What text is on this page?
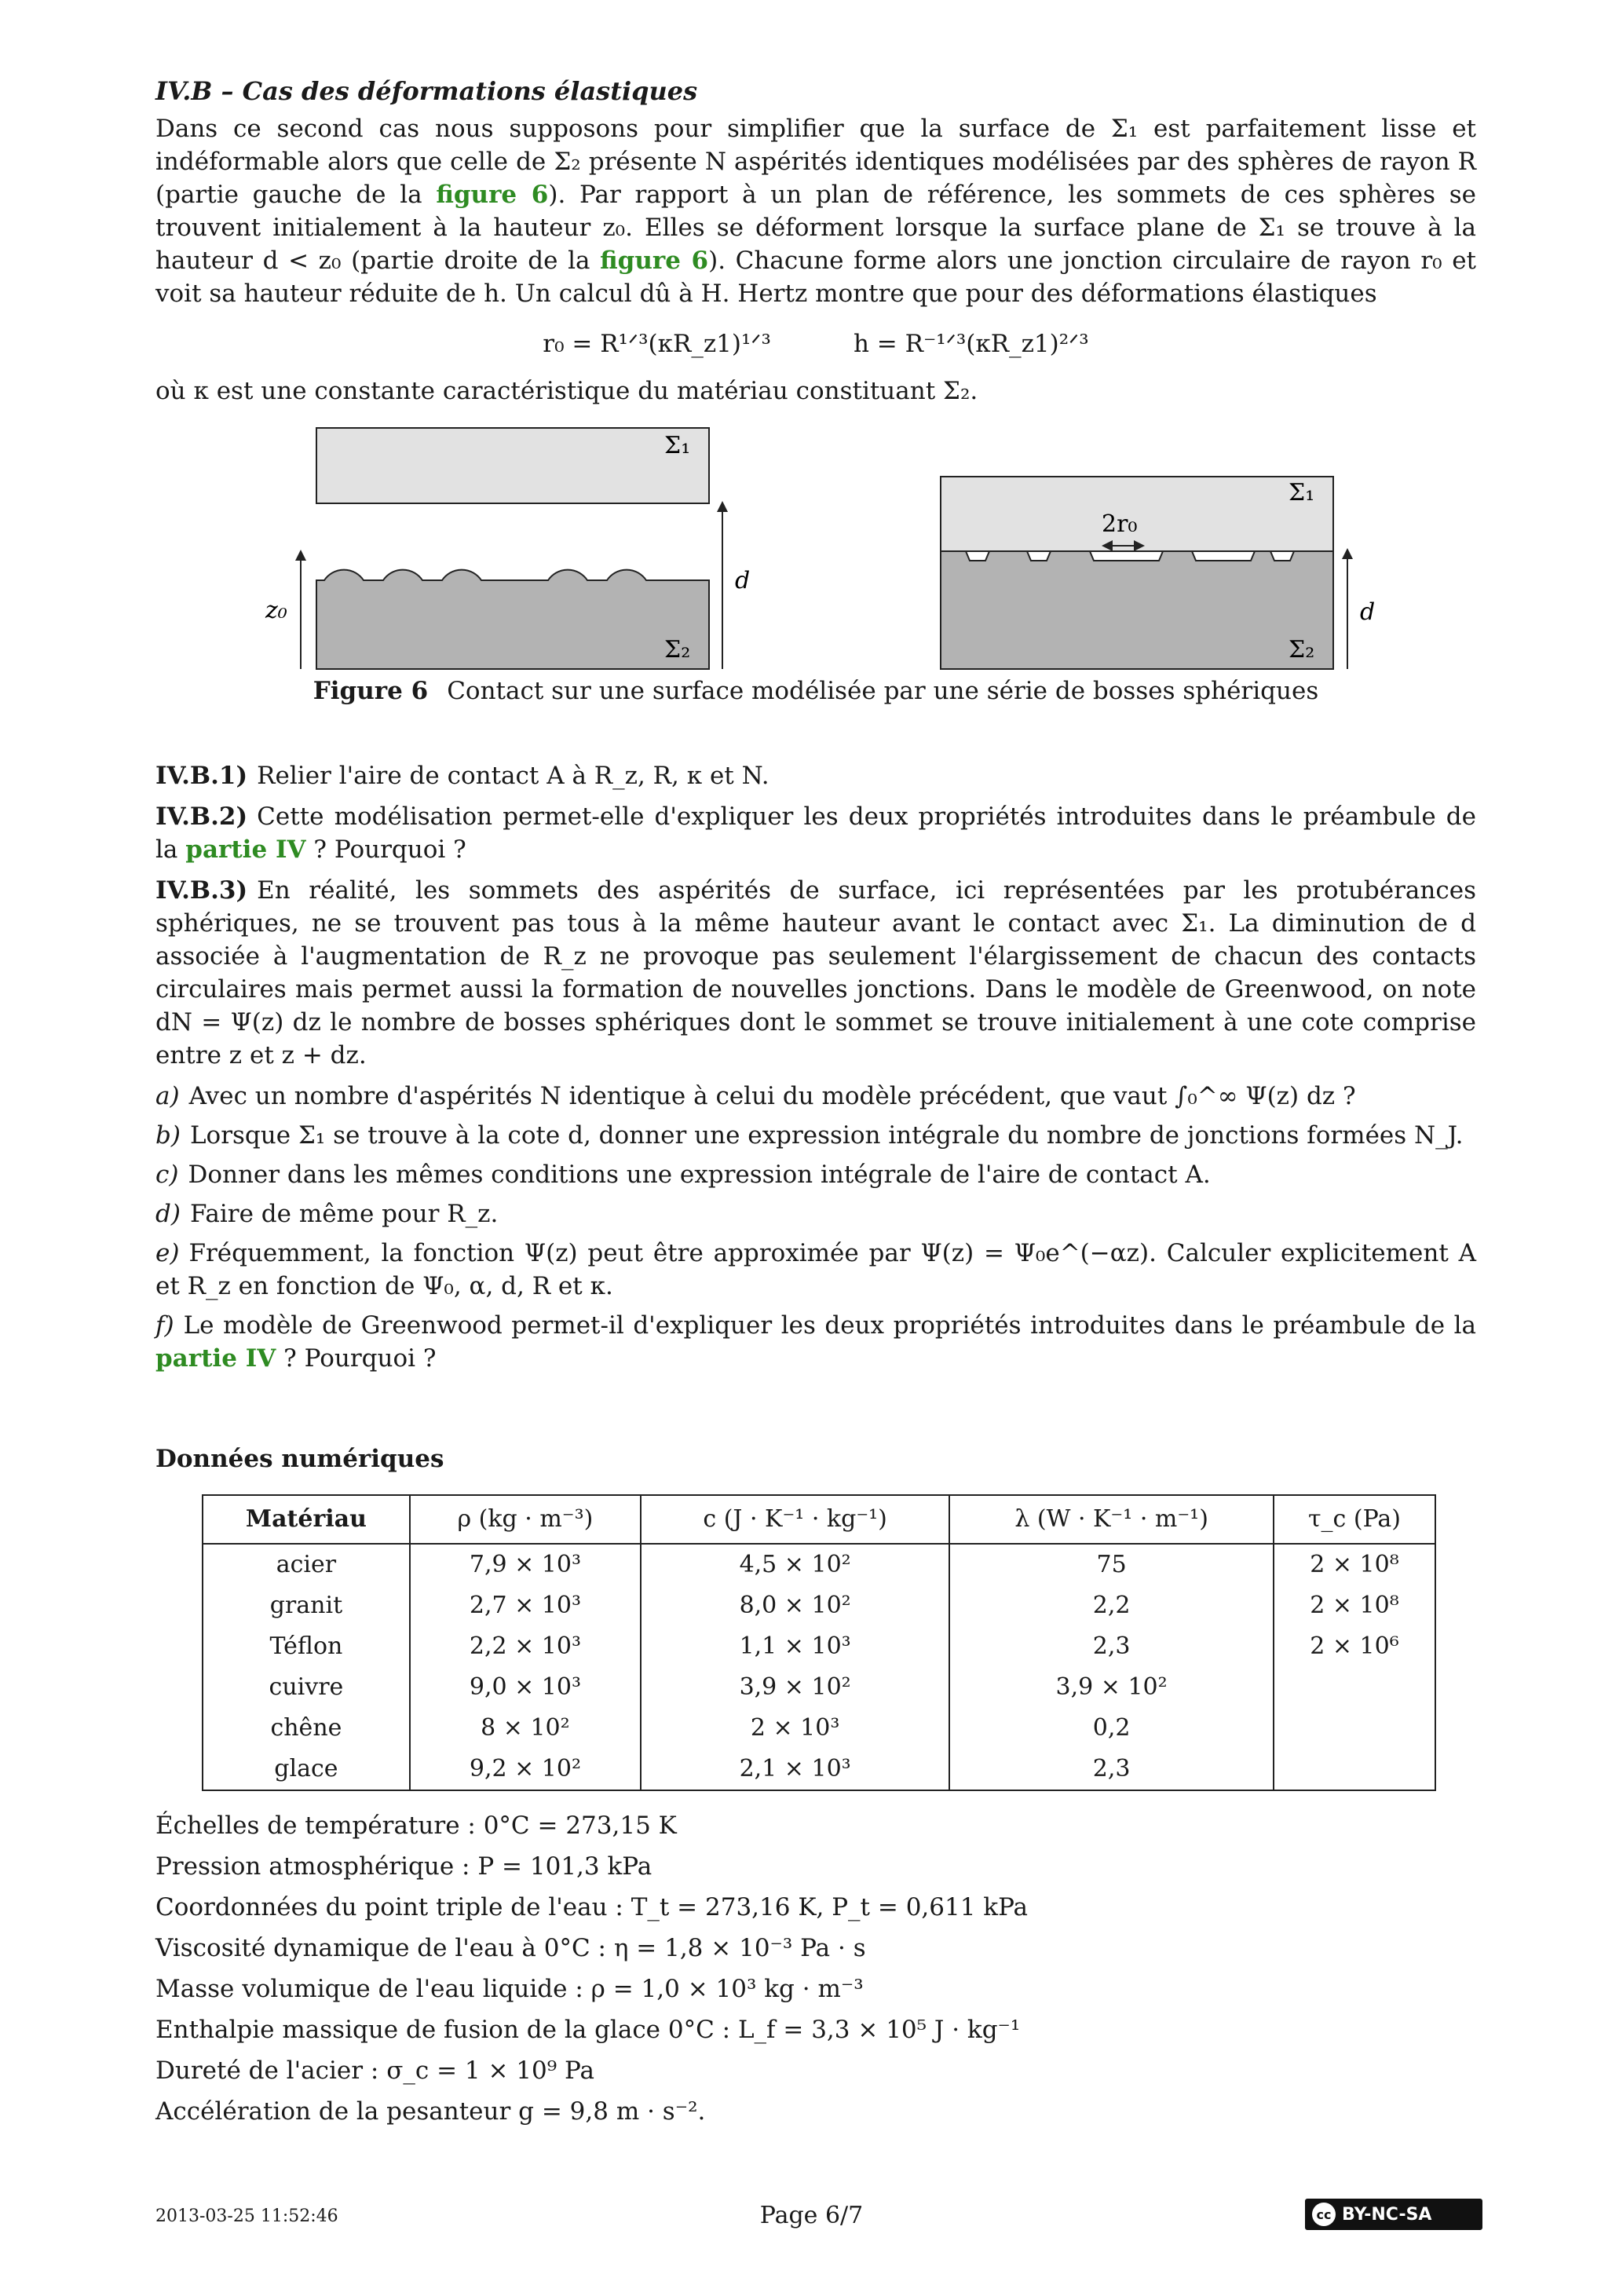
IV.B – Cas des déformations élastiques

Dans ce second cas nous supposons pour simplifier que la surface de Σ₁ est parfaitement lisse et indéformable alors que celle de Σ₂ présente N aspérités identiques modélisées par des sphères de rayon R (partie gauche de la figure 6). Par rapport à un plan de référence, les sommets de ces sphères se trouvent initialement à la hauteur z₀. Elles se déforment lorsque la surface plane de Σ₁ se trouve à la hauteur d < z₀ (partie droite de la figure 6). Chacune forme alors une jonction circulaire de rayon r₀ et voit sa hauteur réduite de h. Un calcul dû à H. Hertz montre que pour des déformations élastiques

r₀ = R¹ᐟ³(κR_z1)¹ᐟ³	h = R⁻¹ᐟ³(κR_z1)²ᐟ³

où κ est une constante caractéristique du matériau constituant Σ₂.

Σ₁
Σ₂
z₀
d
Σ₁
2r₀
Σ₂
d
Figure 6 Contact sur une surface modélisée par une série de bosses sphériques

IV.B.1) Relier l'aire de contact A à R_z, R, κ et N.

IV.B.2) Cette modélisation permet-elle d'expliquer les deux propriétés introduites dans le préambule de la partie IV ? Pourquoi ?

IV.B.3) En réalité, les sommets des aspérités de surface, ici représentées par les protubérances sphériques, ne se trouvent pas tous à la même hauteur avant le contact avec Σ₁. La diminution de d associée à l'augmentation de R_z ne provoque pas seulement l'élargissement de chacun des contacts circulaires mais permet aussi la formation de nouvelles jonctions. Dans le modèle de Greenwood, on note dN = Ψ(z) dz le nombre de bosses sphériques dont le sommet se trouve initialement à une cote comprise entre z et z + dz.

a) Avec un nombre d'aspérités N identique à celui du modèle précédent, que vaut ∫₀^∞ Ψ(z) dz ?

b) Lorsque Σ₁ se trouve à la cote d, donner une expression intégrale du nombre de jonctions formées N_J.

c) Donner dans les mêmes conditions une expression intégrale de l'aire de contact A.

d) Faire de même pour R_z.

e) Fréquemment, la fonction Ψ(z) peut être approximée par Ψ(z) = Ψ₀e^(−αz). Calculer explicitement A et R_z en fonction de Ψ₀, α, d, R et κ.

f) Le modèle de Greenwood permet-il d'expliquer les deux propriétés introduites dans le préambule de la partie IV ? Pourquoi ?

Données numériques
Matériau	ρ (kg · m⁻³)	c (J · K⁻¹ · kg⁻¹)	λ (W · K⁻¹ · m⁻¹)	τ_c (Pa)
acier	7,9 × 10³	4,5 × 10²	75	2 × 10⁸
granit	2,7 × 10³	8,0 × 10²	2,2	2 × 10⁸
Téflon	2,2 × 10³	1,1 × 10³	2,3	2 × 10⁶
cuivre	9,0 × 10³	3,9 × 10²	3,9 × 10²	
chêne	8 × 10²	2 × 10³	0,2	
glace	9,2 × 10²	2,1 × 10³	2,3	
Échelles de température : 0°C = 273,15 K
Pression atmosphérique : P = 101,3 kPa
Coordonnées du point triple de l'eau : T_t = 273,16 K, P_t = 0,611 kPa
Viscosité dynamique de l'eau à 0°C : η = 1,8 × 10⁻³ Pa · s
Masse volumique de l'eau liquide : ρ = 1,0 × 10³ kg · m⁻³
Enthalpie massique de fusion de la glace 0°C : L_f = 3,3 × 10⁵ J · kg⁻¹
Dureté de l'acier : σ_c = 1 × 10⁹ Pa
Accélération de la pesanteur g = 9,8 m · s⁻².
2013-03-25 11:52:46	Page 6/7	cc BY-NC-SA
